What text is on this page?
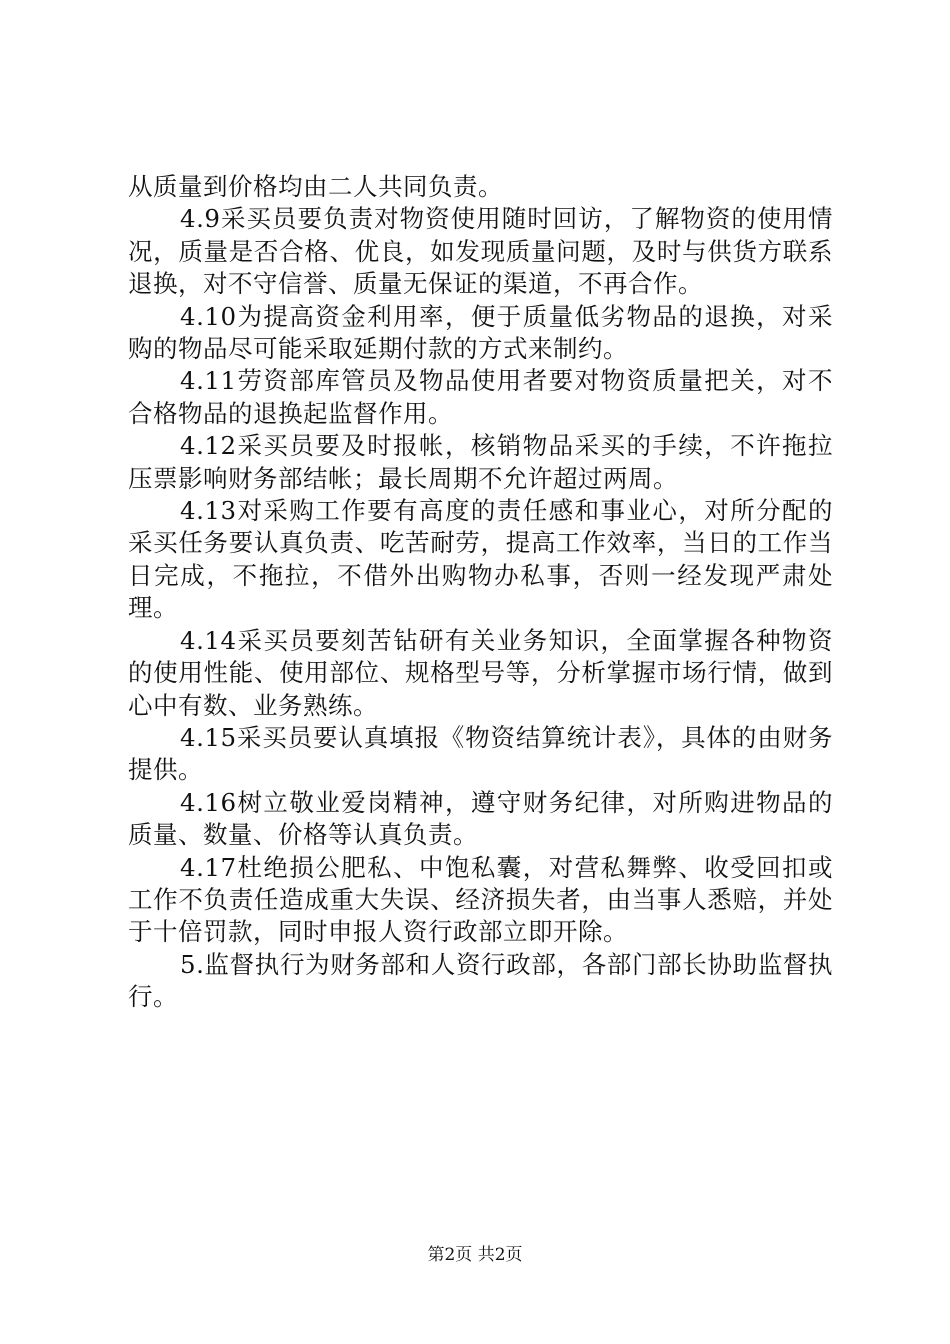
从质量到价格均由二人共同负责。

4.9采买员要负责对物资使用随时回访，了解物资的使用情况，质量是否合格、优良，如发现质量问题，及时与供货方联系退换，对不守信誉、质量无保证的渠道，不再合作。

4.10为提高资金利用率，便于质量低劣物品的退换，对采购的物品尽可能采取延期付款的方式来制约。

4.11劳资部库管员及物品使用者要对物资质量把关，对不合格物品的退换起监督作用。

4.12采买员要及时报帐，核销物品采买的手续，不许拖拉压票影响财务部结帐；最长周期不允许超过两周。

4.13对采购工作要有高度的责任感和事业心，对所分配的采买任务要认真负责、吃苦耐劳，提高工作效率，当日的工作当日完成，不拖拉，不借外出购物办私事，否则一经发现严肃处理。

4.14采买员要刻苦钻研有关业务知识，全面掌握各种物资的使用性能、使用部位、规格型号等，分析掌握市场行情，做到心中有数、业务熟练。

4.15采买员要认真填报《物资结算统计表》，具体的由财务提供。

4.16树立敬业爱岗精神，遵守财务纪律，对所购进物品的质量、数量、价格等认真负责。

4.17杜绝损公肥私、中饱私囊，对营私舞弊、收受回扣或工作不负责任造成重大失误、经济损失者，由当事人悉赔，并处于十倍罚款，同时申报人资行政部立即开除。

5.监督执行为财务部和人资行政部，各部门部长协助监督执行。

第2页 共2页
